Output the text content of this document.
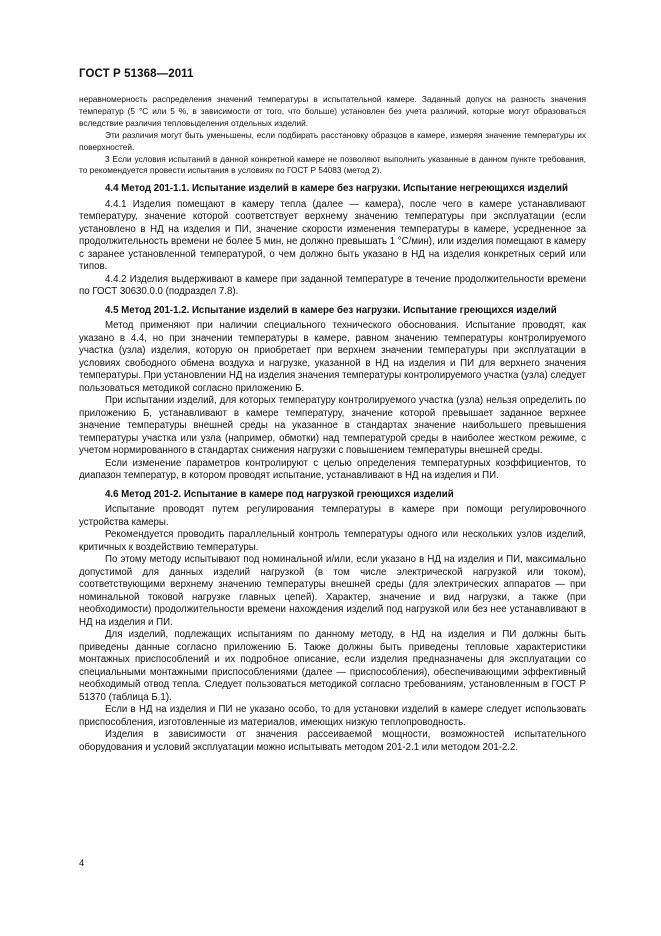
ГОСТ Р 51368—2011

неравномерность распределения значений температуры в испытательной камере. Заданный допуск на разность значения температур (5 °С или 5 %, в зависимости от того, что больше) установлен без учета различий, которые могут образоваться вследствие различия тепловыделения отдельных изделий.

Эти различия могут быть уменьшены, если подбирать расстановку образцов в камере, измеряя значение температуры их поверхностей.

3 Если условия испытаний в данной конкретной камере не позволяют выполнить указанные в данном пункте требования, то рекомендуется провести испытания в условиях по ГОСТ Р 54083 (метод 2).

4.4 Метод 201-1.1. Испытание изделий в камере без нагрузки. Испытание негреющихся изделий

4.4.1 Изделия помещают в камеру тепла (далее — камера), после чего в камере устанавливают температуру, значение которой соответствует верхнему значению температуры при эксплуатации (если установлено в НД на изделия и ПИ, значение скорости изменения температуры в камере, усредненное за продолжительность времени не более 5 мин, не должно превышать 1 °С/мин), или изделия помещают в камеру с заранее установленной температурой, о чем должно быть указано в НД на изделия конкретных серий или типов.

4.4.2 Изделия выдерживают в камере при заданной температуре в течение продолжительности времени по ГОСТ 30630.0.0 (подраздел 7.8).

4.5 Метод 201-1.2. Испытание изделий в камере без нагрузки. Испытание греющихся изделий

Метод применяют при наличии специального технического обоснования. Испытание проводят, как указано в 4.4, но при значении температуры в камере, равном значению температуры контролируемого участка (узла) изделия, которую он приобретает при верхнем значении температуры при эксплуатации в условиях свободного обмена воздуха и нагрузке, указанной в НД на изделия и ПИ для верхнего значения температуры. При установлении НД на изделия значения температуры контролируемого участка (узла) следует пользоваться методикой согласно приложению Б.

При испытании изделий, для которых температуру контролируемого участка (узла) нельзя определить по приложению Б, устанавливают в камере температуру, значение которой превышает заданное верхнее значение температуры внешней среды на указанное в стандартах значение наибольшего превышения температуры участка или узла (например, обмотки) над температурой среды в наиболее жестком режиме, с учетом нормированного в стандартах снижения нагрузки с повышением температуры внешней среды.

Если изменение параметров контролируют с целью определения температурных коэффициентов, то диапазон температур, в котором проводят испытание, устанавливают в НД на изделия и ПИ.

4.6 Метод 201-2. Испытание в камере под нагрузкой греющихся изделий

Испытание проводят путем регулирования температуры в камере при помощи регулировочного устройства камеры.

Рекомендуется проводить параллельный контроль температуры одного или нескольких узлов изделий, критичных к воздействию температуры.

По этому методу испытывают под номинальной и/или, если указано в НД на изделия и ПИ, максимально допустимой для данных изделий нагрузкой (в том числе электрической нагрузкой или током), соответствующими верхнему значению температуры внешней среды (для электрических аппаратов — при номинальной токовой нагрузке главных цепей). Характер, значение и вид нагрузки, а также (при необходимости) продолжительности времени нахождения изделий под нагрузкой или без нее устанавливают в НД на изделия и ПИ.

Для изделий, подлежащих испытаниям по данному методу, в НД на изделия и ПИ должны быть приведены данные согласно приложению Б. Также должны быть приведены тепловые характеристики монтажных приспособлений и их подробное описание, если изделия предназначены для эксплуатации со специальными монтажными приспособлениями (далее — приспособления), обеспечивающими эффективный необходимый отвод тепла. Следует пользоваться методикой согласно требованиям, установленным в ГОСТ Р 51370 (таблица Б.1).

Если в НД на изделия и ПИ не указано особо, то для установки изделий в камере следует использовать приспособления, изготовленные из материалов, имеющих низкую теплопроводность.

Изделия в зависимости от значения рассеиваемой мощности, возможностей испытательного оборудования и условий эксплуатации можно испытывать методом 201-2.1 или методом 201-2.2.

4
